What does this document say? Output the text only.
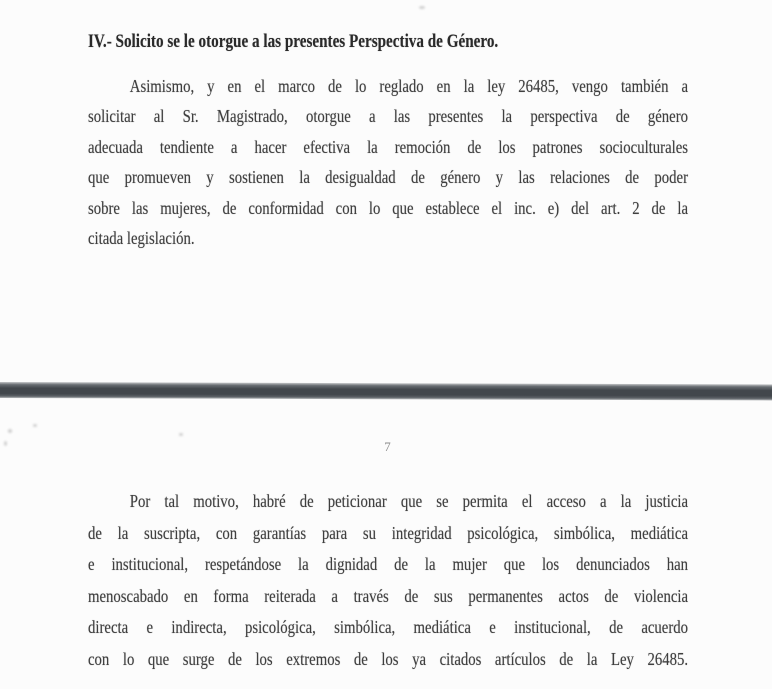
IV.- Solicito se le otorgue a las presentes Perspectiva de Género.
Asimismo, y en el marco de lo reglado en la ley 26485, vengo también a
solicitar al Sr. Magistrado, otorgue a las presentes la perspectiva de género
adecuada tendiente a hacer efectiva la remoción de los patrones socioculturales
que promueven y sostienen la desigualdad de género y las relaciones de poder
sobre las mujeres, de conformidad con lo que establece el inc. e) del art. 2 de la
citada legislación.
7
Por tal motivo, habré de peticionar que se permita el acceso a la justicia
de la suscripta, con garantías para su integridad psicológica, simbólica, mediática
e institucional, respetándose la dignidad de la mujer que los denunciados han
menoscabado en forma reiterada a través de sus permanentes actos de violencia
directa e indirecta, psicológica, simbólica, mediática e institucional, de acuerdo
con lo que surge de los extremos de los ya citados artículos de la Ley 26485.
